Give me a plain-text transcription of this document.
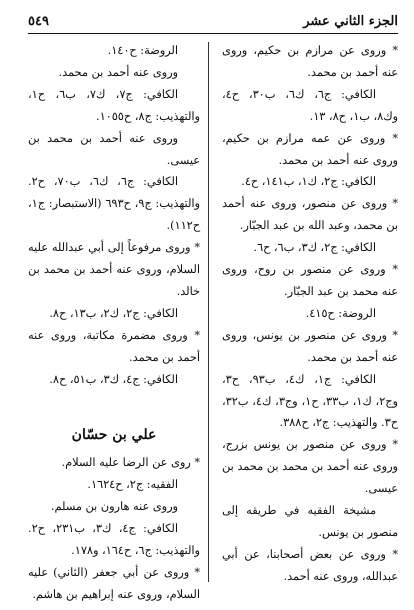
الجزء الثاني عشر
٥٤٩

* وروى عن مرازم بن حكيم، وروى عنه أحمد بن محمد.

الكافي: ج٦، ك٦، ب٣٠، ح٤، وك٨، ب١، ح٨، ١٣.

* وروى عن عمه مرازم بن حكيم، وروى عنه أحمد بن محمد.

الكافي: ج٢، ك١، ب١٤١، ح٤.

* وروى عن منصور، وروى عنه أحمد بن محمد، وعبد الله بن عبد الجبّار.

الكافي: ج٢، ك٣، ب٦، ح٦.

* وروى عن منصور بن روح، وروى عنه محمد بن عبد الجبّار.

الروضة: ح٤١٥.

* وروى عن منصور بن يونس، وروى عنه أحمد بن محمد.

الكافي: ج١، ك٤، ب٩٣، ح٣، وج٢، ك١، ب٣٣، ح١، وج٣، ك٤، ب٣٢، ح٣. والتهذيب: ج٢، ح٣٨٨.

* وروى عن منصور بن يونس بزرج، وروى عنه أحمد بن محمد بن محمد بن عيسى.

مشيخة الفقيه في طريقه إلى منصور بن يونس.

* وروى عن بعض أصحابنا، عن أبي عبدالله، وروى عنه أحمد.

الروضة: ح١٤٠.

وروى عنه أحمد بن محمد.

الكافي: ج٧، ك٧، ب٦، ح١، والتهذيب: ج٨، ح١٠٥٥.

وروى عنه أحمد بن محمد بن عيسى.

الكافي: ج٦، ك٦، ب٧٠، ح٢. والتهذيب: ج٩، ح٦٩٣ (الاستبصار: ج١، ح١١٢).

* وروى مرفوعاً إلى أبي عبدالله عليه السلام، وروى عنه أحمد بن محمد بن خالد.

الكافي: ج٢، ك٢، ب١٣، ح٨.

* وروى مضمرة مكاتبة، وروى عنه أحمد بن محمد.

الكافي: ج٤، ك٣، ب٥١، ح٨.

علي بن حسّان

* روى عن الرضا عليه السلام.

الفقيه: ج٢، ح١٦٢٤.

وروى عنه هارون بن مسلم.

الكافي: ج٤، ك٣، ب٢٣١، ح٢. والتهذيب: ج٦، ح١٦٤، و١٧٨.

* وروى عن أبي جعفر (الثاني) عليه السلام، وروى عنه إبراهيم بن هاشم.
